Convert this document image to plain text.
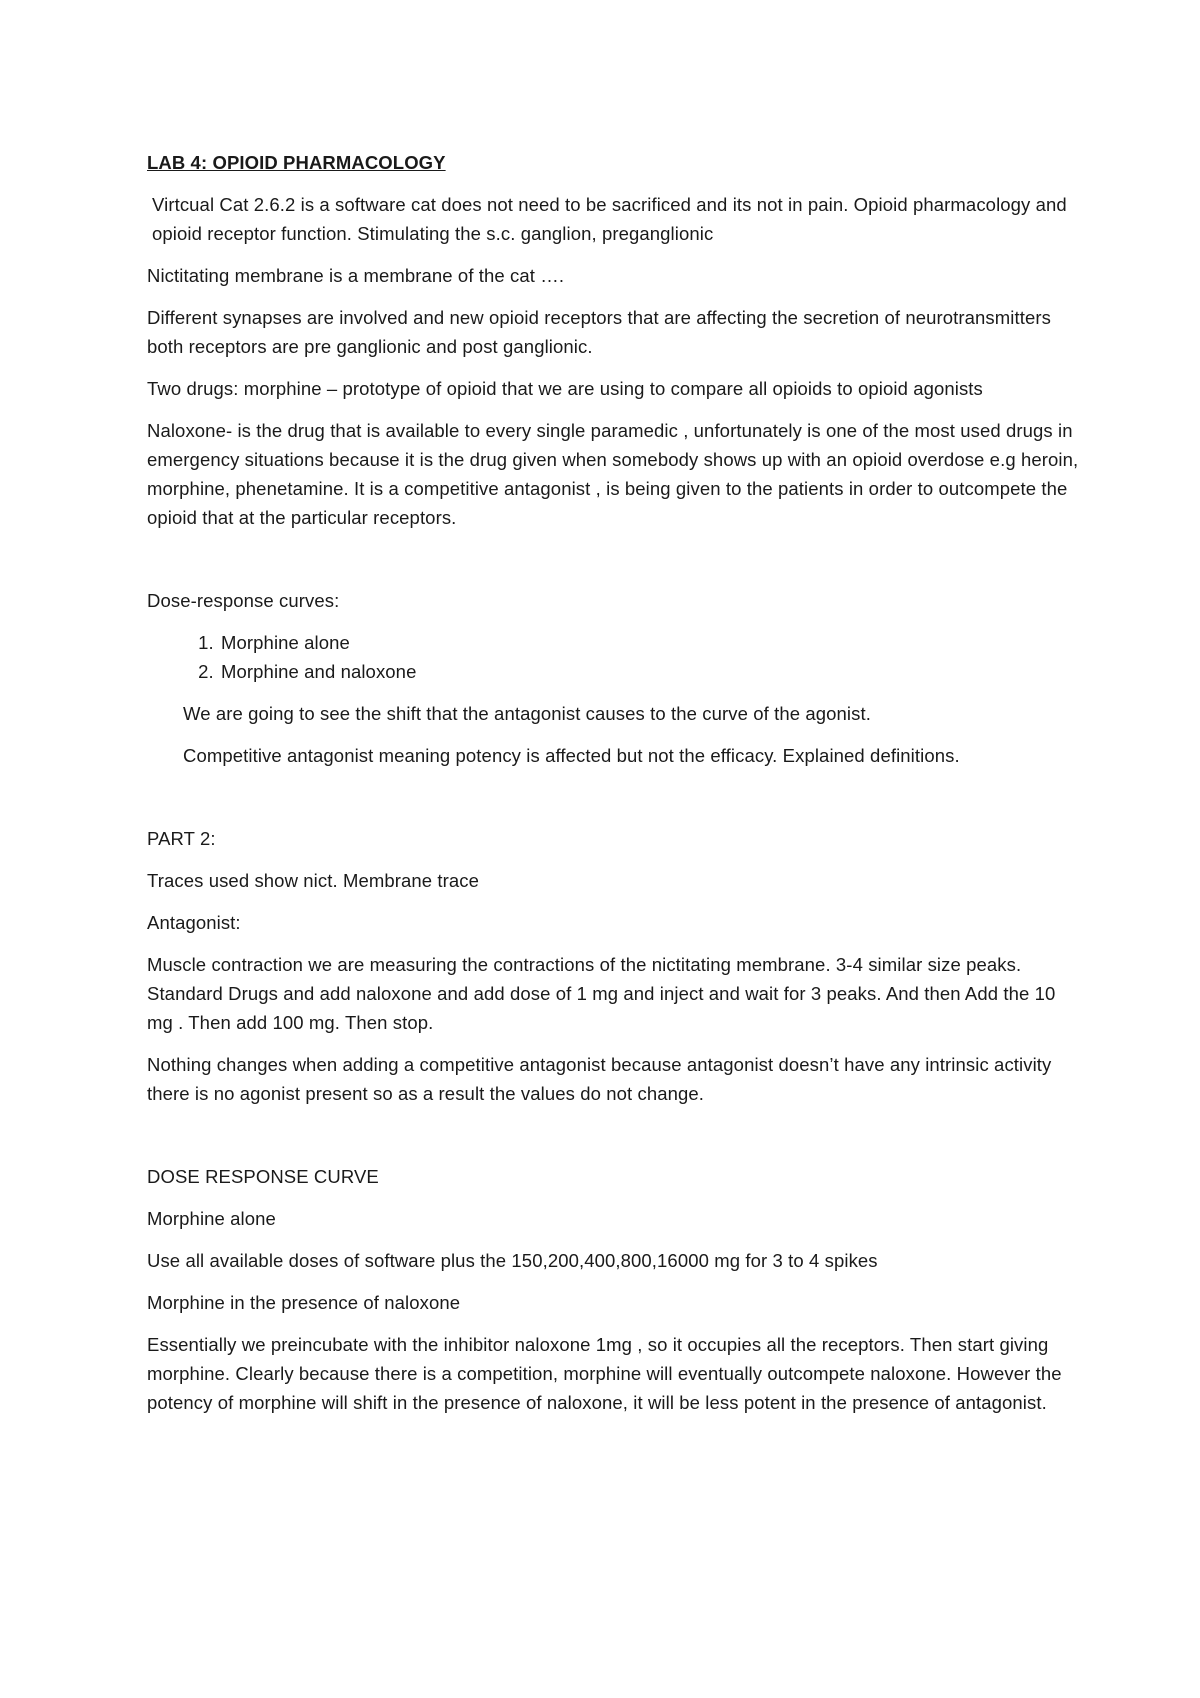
LAB 4: OPIOID PHARMACOLOGY

Virtcual Cat 2.6.2 is a software cat does not need to be sacrificed and its not in pain. Opioid pharmacology and opioid receptor function. Stimulating the s.c. ganglion, preganglionic

Nictitating membrane is a membrane of the cat ….

Different synapses are involved and new opioid receptors that are affecting the secretion of neurotransmitters both receptors are pre ganglionic and post ganglionic.

Two drugs: morphine – prototype of opioid that we are using to compare all opioids to opioid agonists

Naloxone- is the drug that is available to every single paramedic , unfortunately is one of the most used drugs in emergency situations because it is the drug given when somebody shows up with an opioid overdose e.g heroin, morphine, phenetamine. It is a competitive antagonist , is being given to the patients in order to outcompete the opioid that at the particular receptors.

Dose-response curves:

1. Morphine alone
2. Morphine and naloxone

We are going to see the shift that the antagonist causes to the curve of the agonist.

Competitive antagonist meaning potency is affected but not the efficacy. Explained definitions.

PART 2:

Traces used show nict. Membrane trace

Antagonist:

Muscle contraction we are measuring the contractions of the nictitating membrane. 3-4 similar size peaks. Standard Drugs and add naloxone and add dose of 1 mg and inject and wait for 3 peaks. And then Add the 10 mg . Then add 100 mg. Then stop.

Nothing changes when adding a competitive antagonist because antagonist doesn’t have any intrinsic activity there is no agonist present so as a result the values do not change.

DOSE RESPONSE CURVE

Morphine alone

Use all available doses of software plus the 150,200,400,800,16000 mg for 3 to 4 spikes

Morphine in the presence of naloxone

Essentially we preincubate with the inhibitor naloxone 1mg , so it occupies all the receptors. Then start giving morphine. Clearly because there is a competition, morphine will eventually outcompete naloxone. However the potency of morphine will shift in the presence of naloxone, it will be less potent in the presence of antagonist.
